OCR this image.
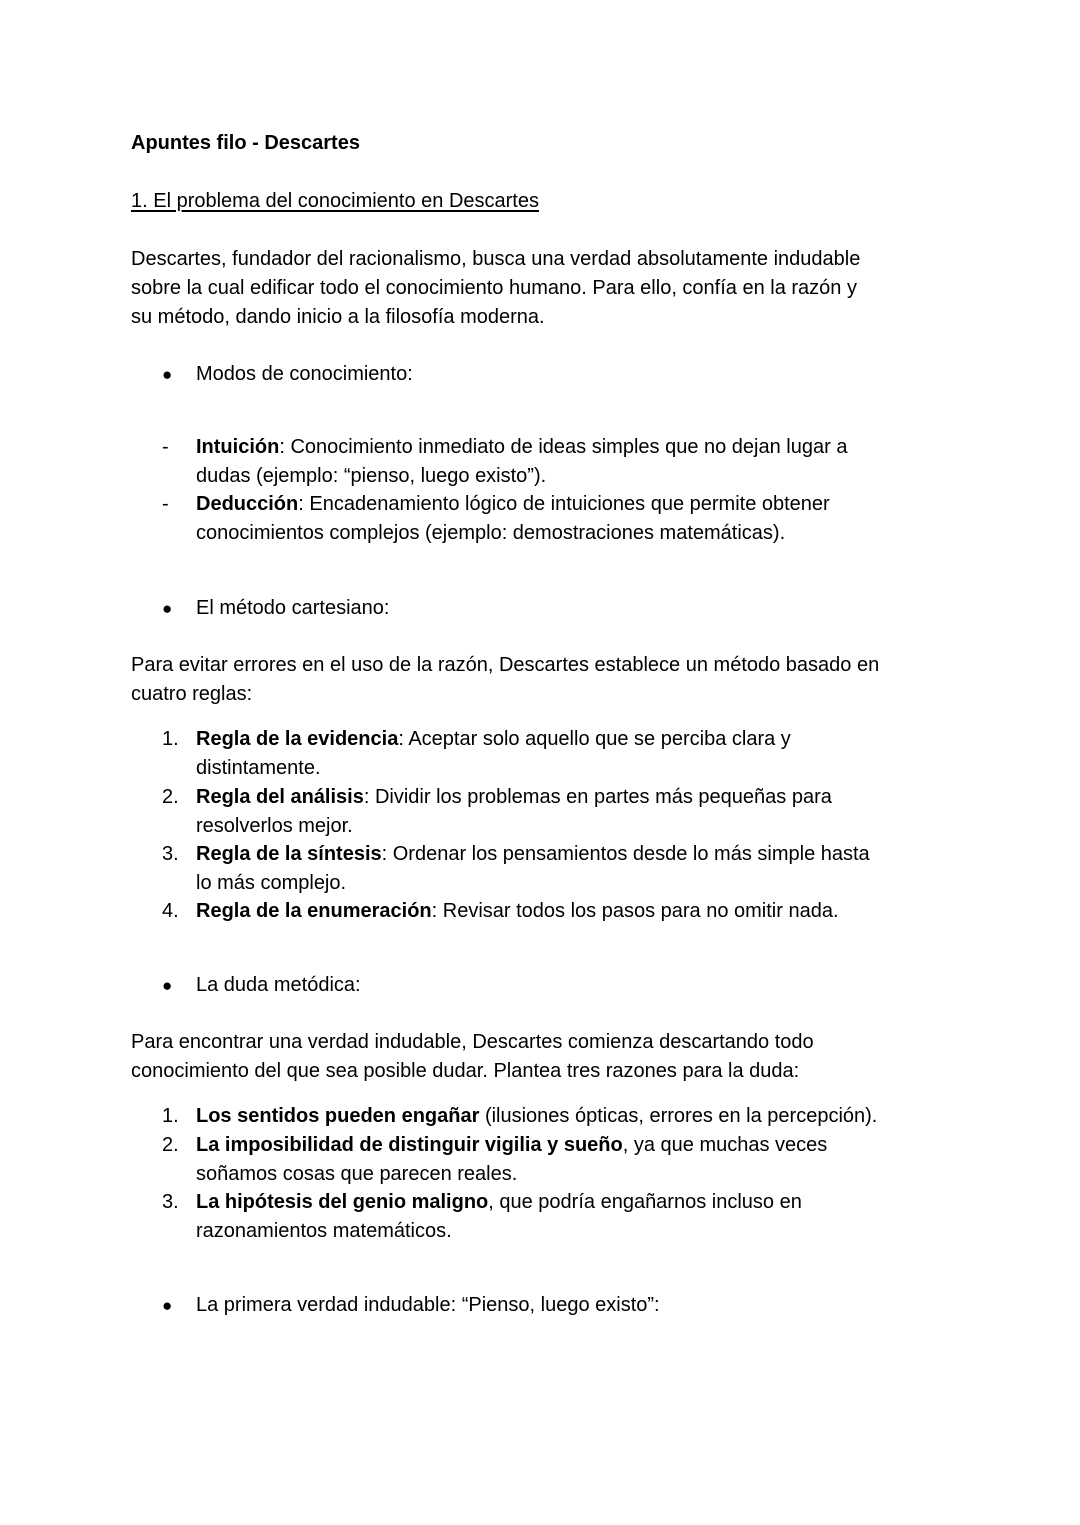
Apuntes filo - Descartes
1. El problema del conocimiento en Descartes
Descartes, fundador del racionalismo, busca una verdad absolutamente indudable
sobre la cual edificar todo el conocimiento humano. Para ello, confía en la razón y
su método, dando inicio a la filosofía moderna.
● Modos de conocimiento:
-	Intuición: Conocimiento inmediato de ideas simples que no dejan lugar a
dudas (ejemplo: “pienso, luego existo”).
-	Deducción: Encadenamiento lógico de intuiciones que permite obtener
conocimientos complejos (ejemplo: demostraciones matemáticas).
● El método cartesiano:
Para evitar errores en el uso de la razón, Descartes establece un método basado en
cuatro reglas:
1. Regla de la evidencia: Aceptar solo aquello que se perciba clara y
distintamente.
2. Regla del análisis: Dividir los problemas en partes más pequeñas para
resolverlos mejor.
3. Regla de la síntesis: Ordenar los pensamientos desde lo más simple hasta
lo más complejo.
4. Regla de la enumeración: Revisar todos los pasos para no omitir nada.
● La duda metódica:
Para encontrar una verdad indudable, Descartes comienza descartando todo
conocimiento del que sea posible dudar. Plantea tres razones para la duda:
1. Los sentidos pueden engañar (ilusiones ópticas, errores en la percepción).
2. La imposibilidad de distinguir vigilia y sueño, ya que muchas veces
soñamos cosas que parecen reales.
3. La hipótesis del genio maligno, que podría engañarnos incluso en
razonamientos matemáticos.
● La primera verdad indudable: “Pienso, luego existo”:
